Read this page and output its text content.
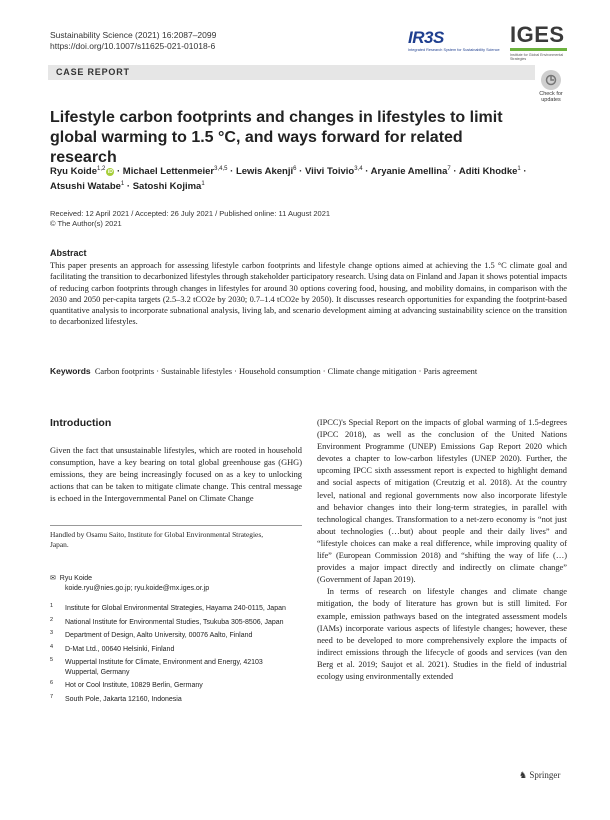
Sustainability Science (2021) 16:2087–2099
https://doi.org/10.1007/s11625-021-01018-6	IR3S
Integrated Research System for Sustainability Science
IGES
Institute for Global Environmental Strategies
CASE REPORT
Check for updates
Lifestyle carbon footprints and changes in lifestyles to limit global warming to 1.5 °C, and ways forward for related research
Ryu Koide$^{1,2}$iD · Michael Lettenmeier$^{3,4,5}$ · Lewis Akenji$^6$ · Viivi Toivio$^{3,4}$ · Aryanie Amellina$^7$ · Aditi Khodke$^1$ ·
Atsushi Watabe$^1$ · Satoshi Kojima$^1$
Received: 12 April 2021 / Accepted: 26 July 2021 / Published online: 11 August 2021
© The Author(s) 2021
Abstract
This paper presents an approach for assessing lifestyle carbon footprints and lifestyle change options aimed at achieving the 1.5 °C climate goal and facilitating the transition to decarbonized lifestyles through stakeholder participatory research. Using data on Finland and Japan it shows potential impacts of reducing carbon footprints through changes in lifestyles for around 30 options covering food, housing, and mobility domains, in comparison with the 2030 and 2050 per-capita targets (2.5–3.2 tCO2e by 2030; 0.7–1.4 tCO2e by 2050). It discusses research opportunities for expanding the footprint-based quantitative analysis to incorporate subnational analysis, living lab, and scenario development aiming at advancing sustainability science on the transition to decarbonized lifestyles.
Keywords Carbon footprints · Sustainable lifestyles · Household consumption · Climate change mitigation · Paris agreement
Introduction
Given the fact that unsustainable lifestyles, which are rooted in household consumption, have a key bearing on total global greenhouse gas (GHG) emissions, they are being increasingly focused on as a key to unlocking actions that can be taken to mitigate climate change. This central message is echoed in the Intergovernmental Panel on Climate Change
Handled by Osamu Saito, Institute for Global Environmental Strategies, Japan.
✉ Ryu Koide
koide.ryu@nies.go.jp; ryu.koide@mx.iges.or.jp
1 Institute for Global Environmental Strategies, Hayama 240-0115, Japan
2 National Institute for Environmental Studies, Tsukuba 305-8506, Japan
3 Department of Design, Aalto University, 00076 Aalto, Finland
4 D-Mat Ltd., 00640 Helsinki, Finland
5 Wuppertal Institute for Climate, Environment and Energy, 42103 Wuppertal, Germany
6 Hot or Cool Institute, 10829 Berlin, Germany
7 South Pole, Jakarta 12160, Indonesia

(IPCC)'s Special Report on the impacts of global warming of 1.5-degrees (IPCC 2018), as well as the conclusion of the United Nations Environment Programme (UNEP) Emissions Gap Report 2020 which devotes a chapter to low-carbon lifestyles (UNEP 2020). Further, the upcoming IPCC sixth assessment report is expected to highlight demand and social aspects of mitigation (Creutzig et al. 2018). At the country level, national and regional governments now also incorporate lifestyle and behavior changes into their long-term strategies, in parallel with technological changes. Transformation to a net-zero economy is “not just about technologies (…but) about people and their daily lives” and “lifestyle choices can make a real difference, while improving quality of life” (European Commission 2018) and “shifting the way of life (…) provides a major impact directly and indirectly on climate change” (Government of Japan 2019).

In terms of research on lifestyle changes and climate change mitigation, the body of literature has grown but is still limited. For example, emission pathways based on the integrated assessment models (IAMs) incorporate various aspects of lifestyle changes; however, these need to be developed to more comprehensively explore the impacts of indirect emissions through the lifecycle of goods and services (van den Berg et al. 2019; Saujot et al. 2021). Studies in the field of industrial ecology using environmentally extended

♞ Springer
